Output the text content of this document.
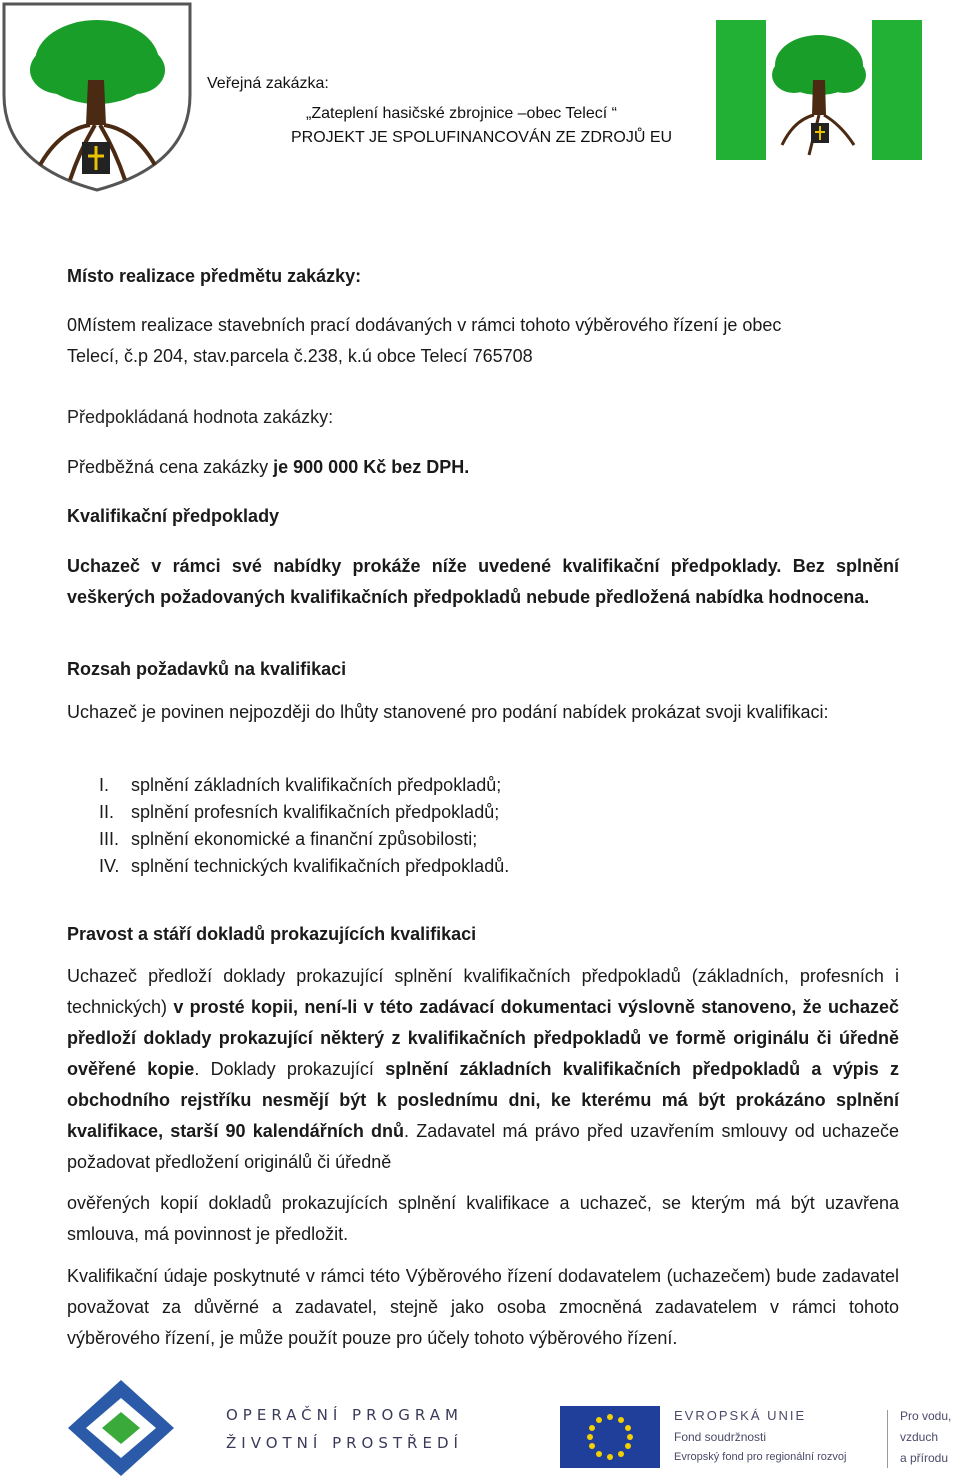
Veřejná zakázka:
„Zateplení hasičské zbrojnice –obec Telecí “
PROJEKT JE SPOLUFINANCOVÁN ZE ZDROJŮ EU
Místo realizace předmětu zakázky:
0Místem realizace stavebních prací dodávaných v rámci tohoto výběrového řízení je obec
Telecí, č.p 204, stav.parcela č.238, k.ú obce Telecí 765708
Předpokládaná hodnota zakázky:
Předběžná cena zakázky je 900 000 Kč bez DPH.
Kvalifikační předpoklady
Uchazeč v rámci své nabídky prokáže níže uvedené kvalifikační předpoklady. Bez splnění veškerých požadovaných kvalifikačních předpokladů nebude předložená nabídka hodnocena.
Rozsah požadavků na kvalifikaci
Uchazeč je povinen nejpozději do lhůty stanovené pro podání nabídek prokázat svoji kvalifikaci:
I.	splnění základních kvalifikačních předpokladů;
II. splnění profesních kvalifikačních předpokladů;
III. splnění ekonomické a finanční způsobilosti;
IV. splnění technických kvalifikačních předpokladů.
Pravost a stáří dokladů prokazujících kvalifikaci
Uchazeč předloží doklady prokazující splnění kvalifikačních předpokladů (základních, profesních i technických) v prosté kopii, není-li v této zadávací dokumentaci výslovně stanoveno, že uchazeč předloží doklady prokazující některý z kvalifikačních předpokladů ve formě originálu či úředně ověřené kopie. Doklady prokazující splnění základních kvalifikačních předpokladů a výpis z obchodního rejstříku nesmějí být k poslednímu dni, ke kterému má být prokázáno splnění kvalifikace, starší 90 kalendářních dnů. Zadavatel má právo před uzavřením smlouvy od uchazeče požadovat předložení originálů či úředně
ověřených kopií dokladů prokazujících splnění kvalifikace a uchazeč, se kterým má být uzavřena smlouva, má povinnost je předložit.
Kvalifikační údaje poskytnuté v rámci této Výběrového řízení dodavatelem (uchazečem) bude zadavatel považovat za důvěrné a zadavatel, stejně jako osoba zmocněná zadavatelem v rámci tohoto výběrového řízení, je může použít pouze pro účely tohoto výběrového řízení.
OPERAČNÍ PROGRAM
ŽIVOTNÍ PROSTŘEDÍ
EVROPSKÁ UNIE
Fond soudržnosti
Evropský fond pro regionální rozvoj
Pro vodu,
vzduch
a přírodu
